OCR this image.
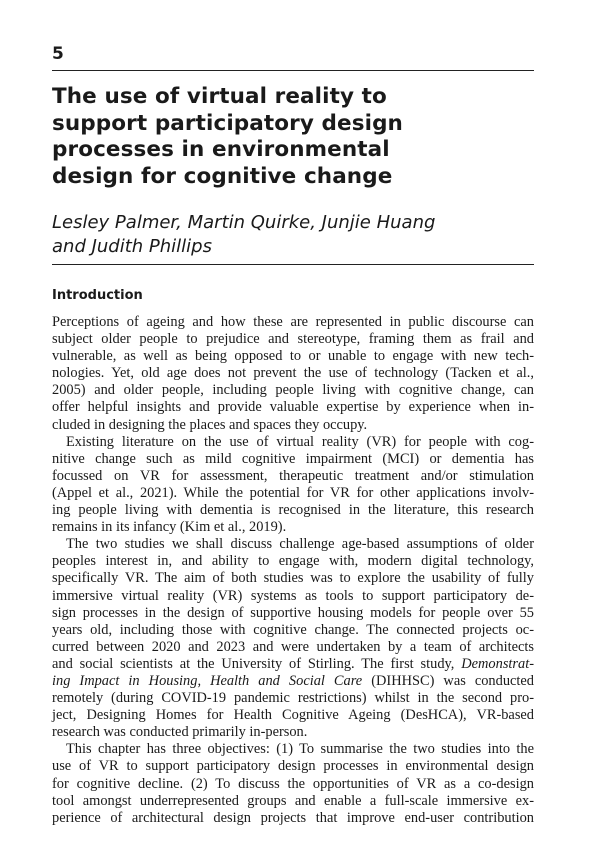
5
The use of virtual reality to
support participatory design
processes in environmental
design for cognitive change
Lesley Palmer, Martin Quirke, Junjie Huang
and Judith Phillips
Introduction
Perceptions of ageing and how these are represented in public discourse can
subject older people to prejudice and stereotype, framing them as frail and
vulnerable, as well as being opposed to or unable to engage with new tech-
nologies. Yet, old age does not prevent the use of technology (Tacken et al.,
2005) and older people, including people living with cognitive change, can
offer helpful insights and provide valuable expertise by experience when in-
cluded in designing the places and spaces they occupy.
Existing literature on the use of virtual reality (VR) for people with cog-
nitive change such as mild cognitive impairment (MCI) or dementia has
focussed on VR for assessment, therapeutic treatment and/or stimulation
(Appel et al., 2021). While the potential for VR for other applications involv-
ing people living with dementia is recognised in the literature, this research
remains in its infancy (Kim et al., 2019).
The two studies we shall discuss challenge age-based assumptions of older
peoples interest in, and ability to engage with, modern digital technology,
specifically VR. The aim of both studies was to explore the usability of fully
immersive virtual reality (VR) systems as tools to support participatory de-
sign processes in the design of supportive housing models for people over 55
years old, including those with cognitive change. The connected projects oc-
curred between 2020 and 2023 and were undertaken by a team of architects
and social scientists at the University of Stirling. The first study, Demonstrat-
ing Impact in Housing, Health and Social Care (DIHHSC) was conducted
remotely (during COVID-19 pandemic restrictions) whilst in the second pro-
ject, Designing Homes for Health Cognitive Ageing (DesHCA), VR-based
research was conducted primarily in-person.
This chapter has three objectives: (1) To summarise the two studies into the
use of VR to support participatory design processes in environmental design
for cognitive decline. (2) To discuss the opportunities of VR as a co-design
tool amongst underrepresented groups and enable a full-scale immersive ex-
perience of architectural design projects that improve end-user contribution
